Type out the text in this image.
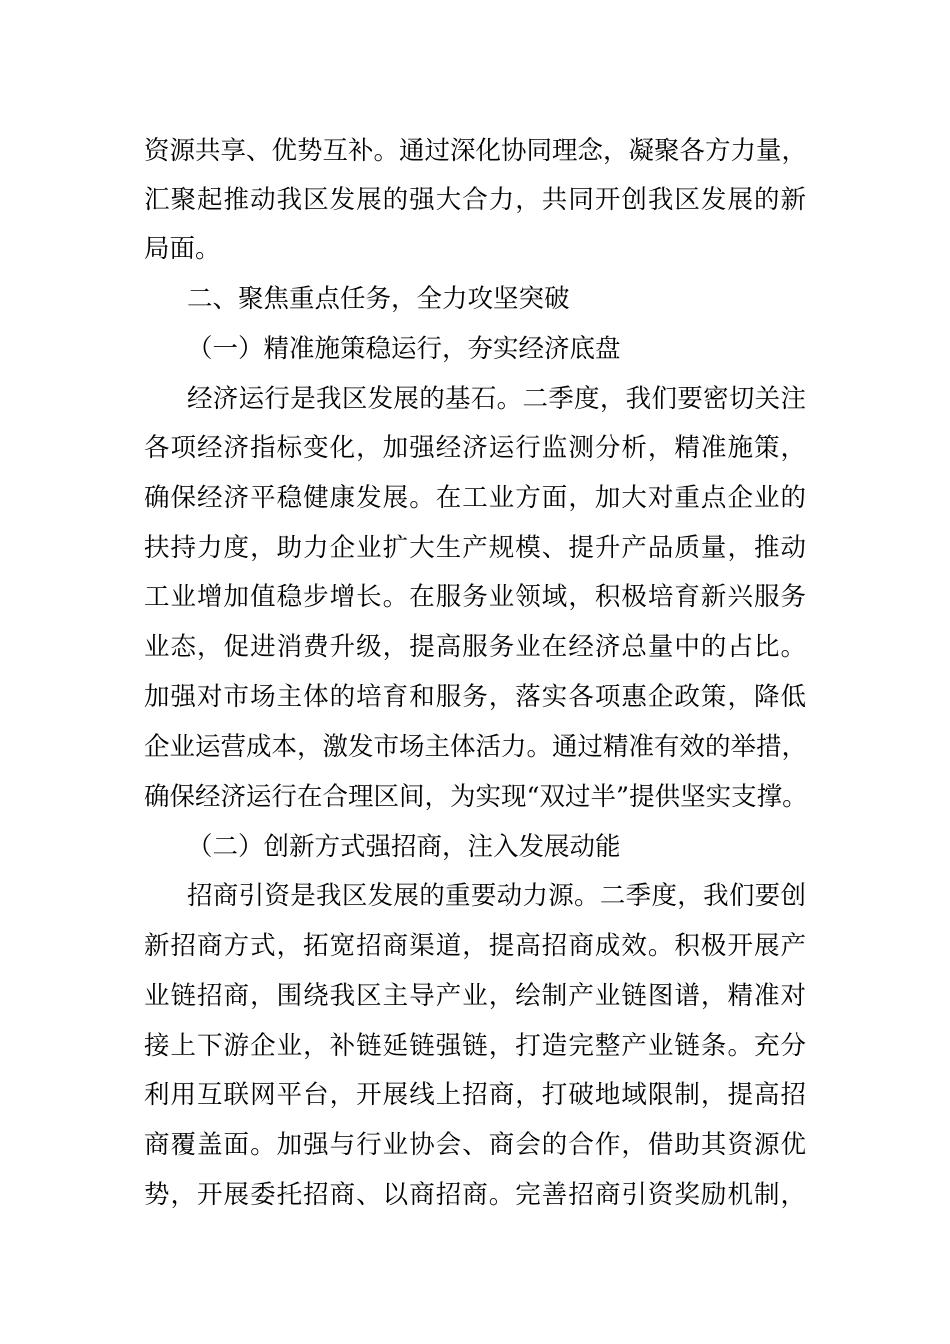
资源共享、优势互补。通过深化协同理念，凝聚各方力量，
汇聚起推动我区发展的强大合力，共同开创我区发展的新
局面。
二、聚焦重点任务，全力攻坚突破
（一）精准施策稳运行，夯实经济底盘
经济运行是我区发展的基石。二季度，我们要密切关注
各项经济指标变化，加强经济运行监测分析，精准施策，
确保经济平稳健康发展。在工业方面，加大对重点企业的
扶持力度，助力企业扩大生产规模、提升产品质量，推动
工业增加值稳步增长。在服务业领域，积极培育新兴服务
业态，促进消费升级，提高服务业在经济总量中的占比。
加强对市场主体的培育和服务，落实各项惠企政策，降低
企业运营成本，激发市场主体活力。通过精准有效的举措，
确保经济运行在合理区间，为实现“双过半”提供坚实支撑。
（二）创新方式强招商，注入发展动能
招商引资是我区发展的重要动力源。二季度，我们要创
新招商方式，拓宽招商渠道，提高招商成效。积极开展产
业链招商，围绕我区主导产业，绘制产业链图谱，精准对
接上下游企业，补链延链强链，打造完整产业链条。充分
利用互联网平台，开展线上招商，打破地域限制，提高招
商覆盖面。加强与行业协会、商会的合作，借助其资源优
势，开展委托招商、以商招商。完善招商引资奖励机制，
